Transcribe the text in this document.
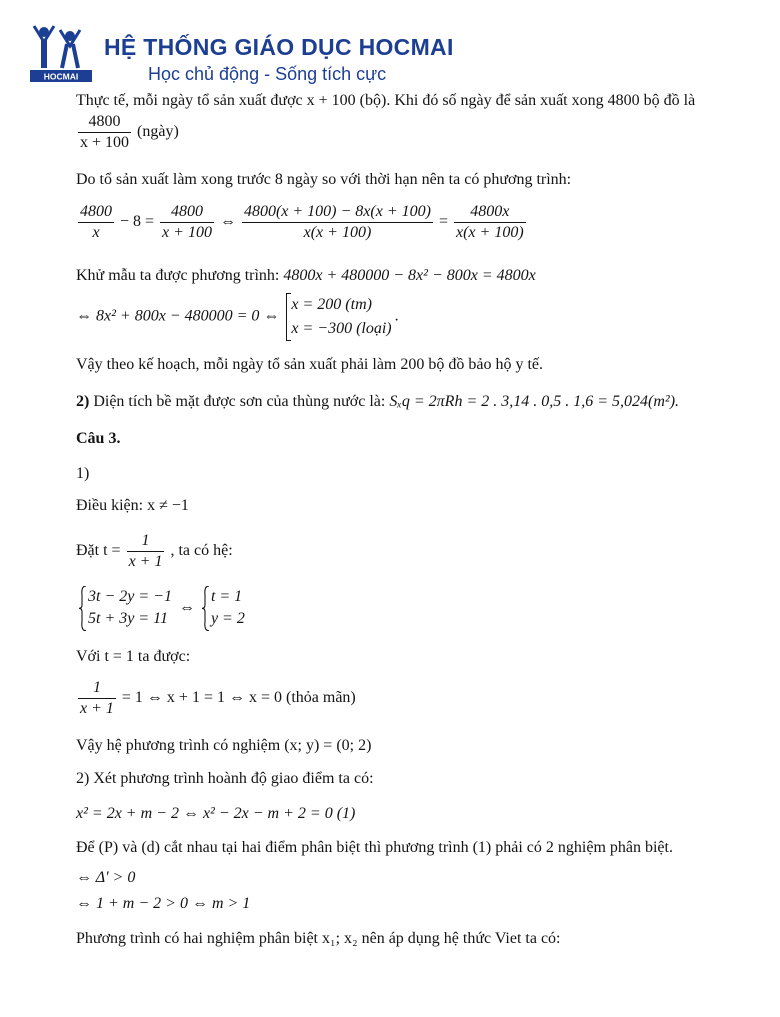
HOCMAI
HỆ THỐNG GIÁO DỤC HOCMAI
Học chủ động - Sống tích cực
Thực tế, mỗi ngày tổ sản xuất được x + 100 (bộ). Khi đó số ngày để sản xuất xong 4800 bộ đồ là
$\frac{4800}{x + 100}$ (ngày)
Do tổ sản xuất làm xong trước 8 ngày so với thời hạn nên ta có phương trình:
$\frac{4800}{x} - 8 = \frac{4800}{x + 100}$ ⇔ $\frac{4800(x + 100) - 8x(x + 100)}{x(x + 100)} = \frac{4800x}{x(x + 100)}$
Khử mẫu ta được phương trình: 4800x + 480000 − 8x² − 800x = 4800x
⇔ 8x² + 800x − 480000 = 0 ⇔
x = 200 (tm)
x = −300 (loại)
.
Vậy theo kế hoạch, mỗi ngày tổ sản xuất phải làm 200 bộ đồ bảo hộ y tế.
2) Diện tích bề mặt được sơn của thùng nước là: Sₓq = 2πRh = 2 . 3,14 . 0,5 . 1,6 = 5,024(m²).
Câu 3.
1)
Điều kiện: x ≠ −1
Đặt $t = \frac{1}{x + 1}$ , ta có hệ:
3t − 2y = −1
5t + 3y = 11
⇔
t = 1
y = 2
Với t = 1 ta được:
$\frac{1}{x + 1} = 1$ ⇔ x + 1 = 1 ⇔ x = 0 (thỏa mãn)
Vậy hệ phương trình có nghiệm (x; y) = (0; 2)
2) Xét phương trình hoành độ giao điểm ta có:
x² = 2x + m − 2 ⇔ x² − 2x − m + 2 = 0 (1)
Để (P) và (d) cắt nhau tại hai điểm phân biệt thì phương trình (1) phải có 2 nghiệm phân biệt.
⇔ Δ' > 0
⇔ 1 + m − 2 > 0 ⇔ m > 1
Phương trình có hai nghiệm phân biệt x₁; x₂ nên áp dụng hệ thức Viet ta có:
